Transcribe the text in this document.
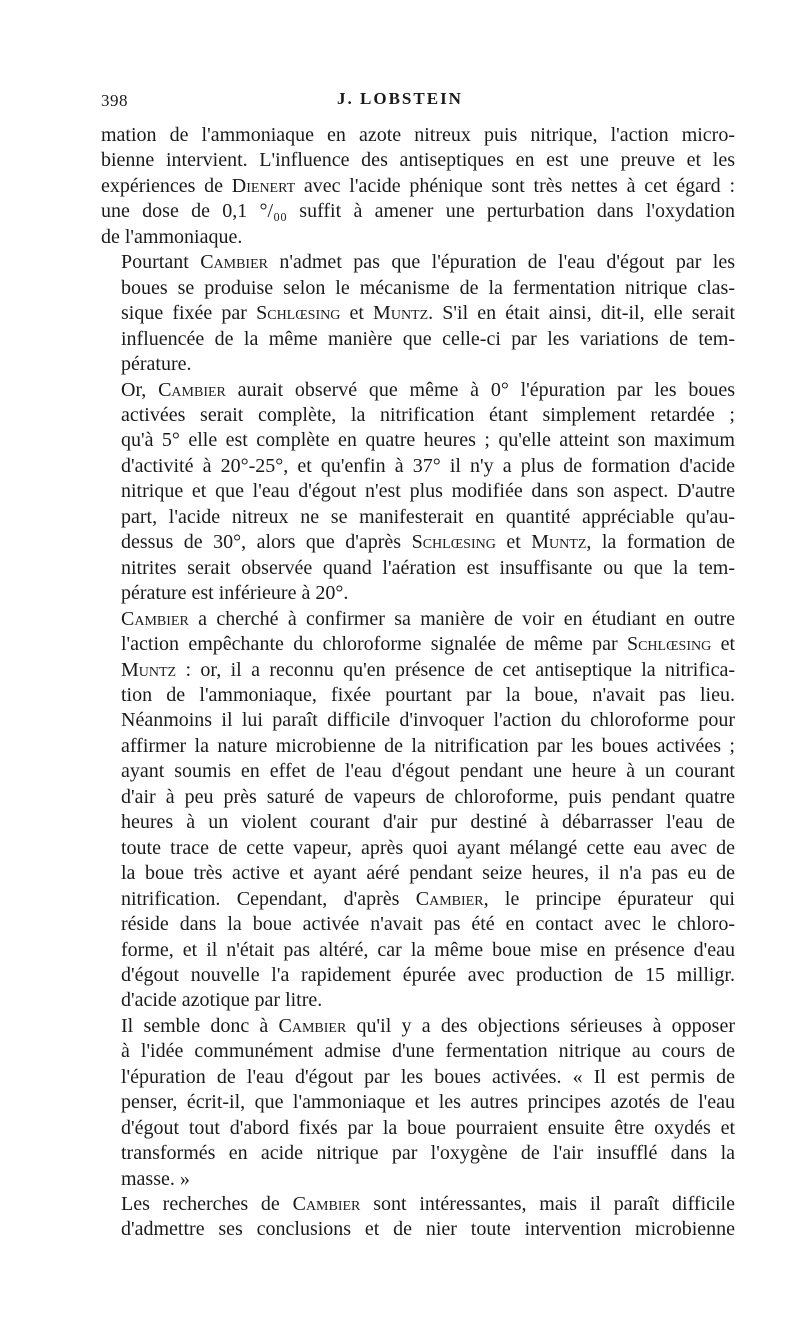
398	J. LOBSTEIN

mation de l'ammoniaque en azote nitreux puis nitrique, l'action micro-
bienne intervient. L'influence des antiseptiques en est une preuve et les
expériences de Dienert avec l'acide phénique sont très nettes à cet égard :
une dose de 0,1 °/₀₀ suffit à amener une perturbation dans l'oxydation
de l'ammoniaque.

Pourtant Cambier n'admet pas que l'épuration de l'eau d'égout par les
boues se produise selon le mécanisme de la fermentation nitrique clas-
sique fixée par Schlœsing et Muntz. S'il en était ainsi, dit-il, elle serait
influencée de la même manière que celle-ci par les variations de tem-
pérature.

Or, Cambier aurait observé que même à 0° l'épuration par les boues
activées serait complète, la nitrification étant simplement retardée ;
qu'à 5° elle est complète en quatre heures ; qu'elle atteint son maximum
d'activité à 20°-25°, et qu'enfin à 37° il n'y a plus de formation d'acide
nitrique et que l'eau d'égout n'est plus modifiée dans son aspect. D'autre
part, l'acide nitreux ne se manifesterait en quantité appréciable qu'au-
dessus de 30°, alors que d'après Schlœsing et Muntz, la formation de
nitrites serait observée quand l'aération est insuffisante ou que la tem-
pérature est inférieure à 20°.

Cambier a cherché à confirmer sa manière de voir en étudiant en outre
l'action empêchante du chloroforme signalée de même par Schlœsing et
Muntz : or, il a reconnu qu'en présence de cet antiseptique la nitrifica-
tion de l'ammoniaque, fixée pourtant par la boue, n'avait pas lieu.
Néanmoins il lui paraît difficile d'invoquer l'action du chloroforme pour
affirmer la nature microbienne de la nitrification par les boues activées ;
ayant soumis en effet de l'eau d'égout pendant une heure à un courant
d'air à peu près saturé de vapeurs de chloroforme, puis pendant quatre
heures à un violent courant d'air pur destiné à débarrasser l'eau de
toute trace de cette vapeur, après quoi ayant mélangé cette eau avec de
la boue très active et ayant aéré pendant seize heures, il n'a pas eu de
nitrification. Cependant, d'après Cambier, le principe épurateur qui
réside dans la boue activée n'avait pas été en contact avec le chloro-
forme, et il n'était pas altéré, car la même boue mise en présence d'eau
d'égout nouvelle l'a rapidement épurée avec production de 15 milligr.
d'acide azotique par litre.

Il semble donc à Cambier qu'il y a des objections sérieuses à opposer
à l'idée communément admise d'une fermentation nitrique au cours de
l'épuration de l'eau d'égout par les boues activées. « Il est permis de
penser, écrit-il, que l'ammoniaque et les autres principes azotés de l'eau
d'égout tout d'abord fixés par la boue pourraient ensuite être oxydés et
transformés en acide nitrique par l'oxygène de l'air insufflé dans la
masse. »

Les recherches de Cambier sont intéressantes, mais il paraît difficile
d'admettre ses conclusions et de nier toute intervention microbienne
